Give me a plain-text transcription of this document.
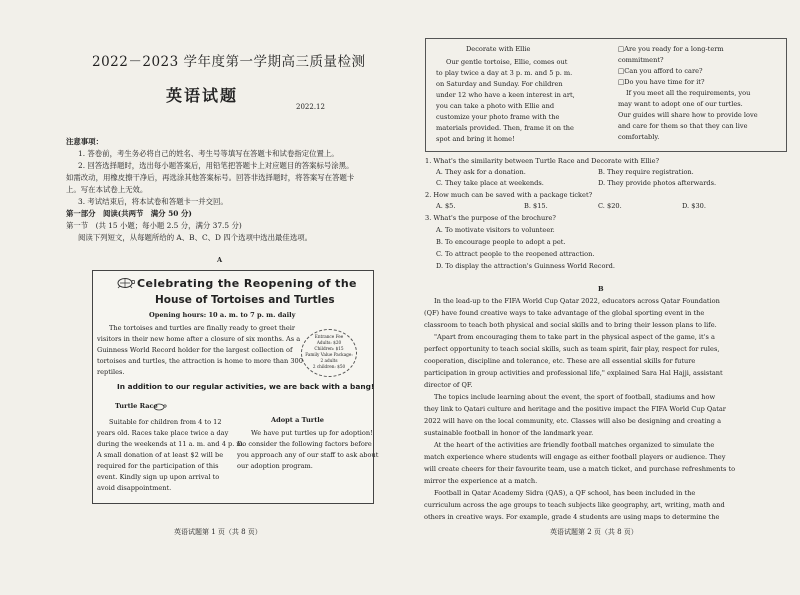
2022－2023 学年度第一学期高三质量检测
英语试题
2022.12
注意事项：
1. 答卷前，考生务必将自己的姓名、考生号等填写在答题卡和试卷指定位置上。
2. 回答选择题时，选出每小题答案后，用铅笔把答题卡上对应题目的答案标号涂黑。
如需改动，用橡皮擦干净后，再选涂其他答案标号。回答非选择题时，将答案写在答题卡
上。写在本试卷上无效。
3. 考试结束后，将本试卷和答题卡一并交回。
第一部分　阅读(共两节　满分 50 分)
第一节　(共 15 小题；每小题 2.5 分，满分 37.5 分)
阅读下列短文，从每题所给的 A、B、C、D 四个选项中选出最佳选项。
A
Celebrating the Reopening of the
House of Tortoises and Turtles
Opening hours: 10 a. m. to 7 p. m. daily
The tortoises and turtles are finally ready to greet their
visitors in their new home after a closure of six months. As a
Guinness World Record holder for the largest collection of
tortoises and turtles, the attraction is home to more than 300
reptiles.
Entrance Fee
Adults: $20
Children: $15
Family Value Package:
2 adults
2 children: $50
In addition to our regular activities, we are back with a bang!
Turtle Race
Suitable for children from 4 to 12
years old. Races take place twice a day
during the weekends at 11 a. m. and 4 p. m.
A small donation of at least $2 will be
required for the participation of this
event. Kindly sign up upon arrival to
avoid disappointment.
Adopt a Turtle
We have put turtles up for adoption!
Do consider the following factors before
you approach any of our staff to ask about
our adoption program.
英语试题第 1 页（共 8 页）
Decorate with Ellie
Our gentle tortoise, Ellie, comes out
to play twice a day at 3 p. m. and 5 p. m.
on Saturday and Sunday. For children
under 12 who have a keen interest in art,
you can take a photo with Ellie and
customize your photo frame with the
materials provided. Then, frame it on the
spot and bring it home!
□Are you ready for a long-term
commitment?
□Can you afford to care?
□Do you have time for it?
If you meet all the requirements, you
may want to adopt one of our turtles.
Our guides will share how to provide love
and care for them so that they can live
comfortably.
1. What's the similarity between Turtle Race and Decorate with Ellie?
A. They ask for a donation.	B. They require registration.
C. They take place at weekends.	D. They provide photos afterwards.
2. How much can be saved with a package ticket?
A. $5.	B. $15.	C. $20.	D. $30.
3. What's the purpose of the brochure?
A. To motivate visitors to volunteer.
B. To encourage people to adopt a pet.
C. To attract people to the reopened attraction.
D. To display the attraction's Guinness World Record.
B
In the lead-up to the FIFA World Cup Qatar 2022, educators across Qatar Foundation
(QF) have found creative ways to take advantage of the global sporting event in the
classroom to teach both physical and social skills and to bring their lesson plans to life.
"Apart from encouraging them to take part in the physical aspect of the game, it's a
perfect opportunity to teach social skills, such as team spirit, fair play, respect for rules,
cooperation, discipline and tolerance, etc. These are all essential skills for future
participation in group activities and professional life," explained Sara Hal Hajji, assistant
director of QF.
The topics include learning about the event, the sport of football, stadiums and how
they link to Qatari culture and heritage and the positive impact the FIFA World Cup Qatar
2022 will have on the local community, etc. Classes will also be designing and creating a
sustainable football in honor of the landmark year.
At the heart of the activities are friendly football matches organized to simulate the
match experience where students will engage as either football players or audience. They
will create cheers for their favourite team, use a match ticket, and purchase refreshments to
mirror the experience at a match.
Football in Qatar Academy Sidra (QAS), a QF school, has been included in the
curriculum across the age groups to teach subjects like geography, art, writing, math and
others in creative ways. For example, grade 4 students are using maps to determine the
英语试题第 2 页（共 8 页）
